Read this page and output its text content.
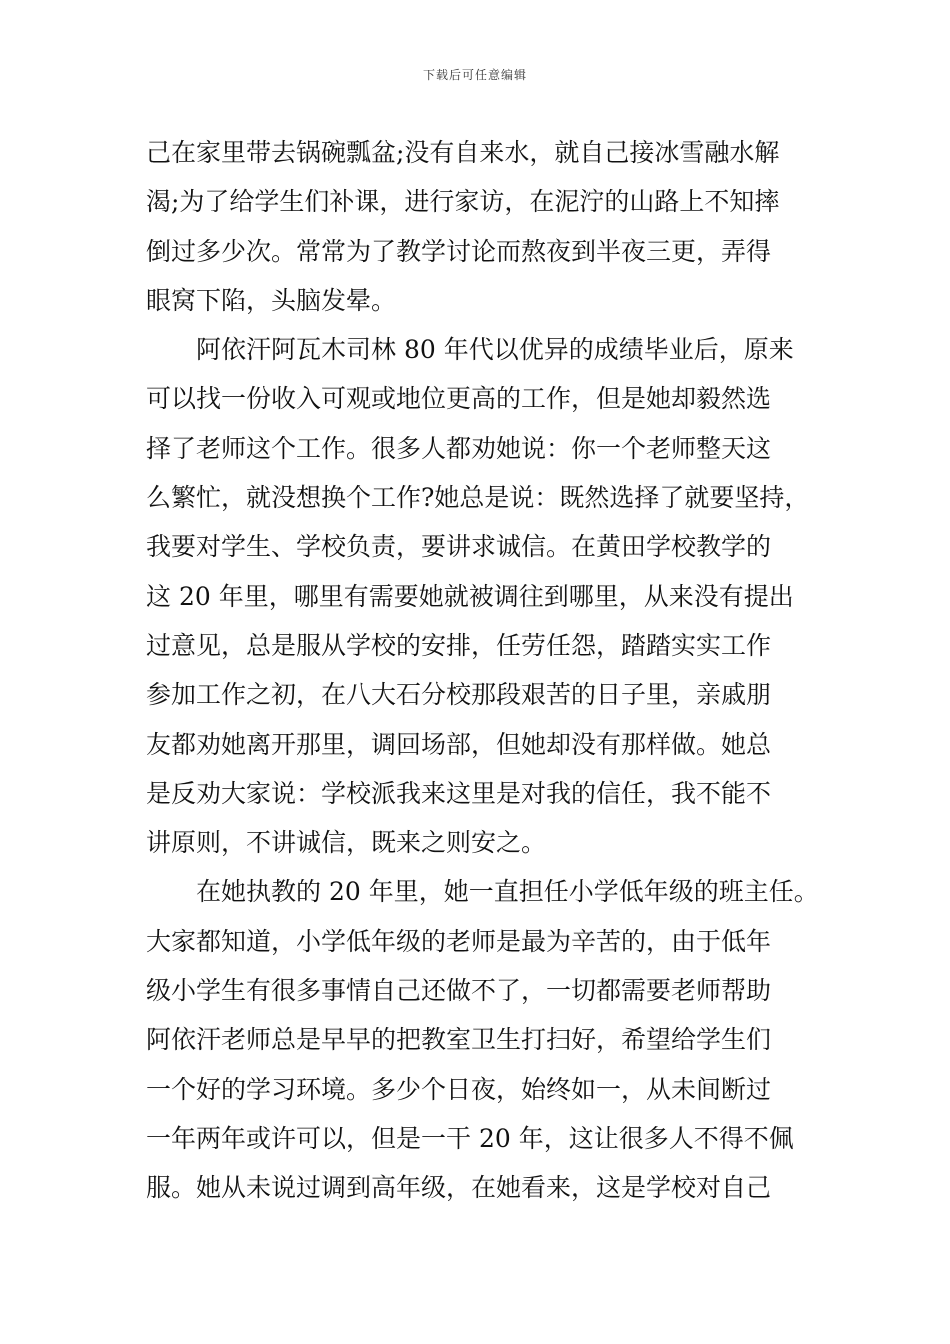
下载后可任意编辑
己在家里带去锅碗瓢盆;没有自来水，就自己接冰雪融水解
渴;为了给学生们补课，进行家访，在泥泞的山路上不知摔
倒过多少次。常常为了教学讨论而熬夜到半夜三更，弄得
眼窝下陷，头脑发晕。
阿依汗阿瓦木司林 80 年代以优异的成绩毕业后，原来
可以找一份收入可观或地位更高的工作，但是她却毅然选
择了老师这个工作。很多人都劝她说：你一个老师整天这
么繁忙，就没想换个工作?她总是说：既然选择了就要坚持，
我要对学生、学校负责，要讲求诚信。在黄田学校教学的
这 20 年里，哪里有需要她就被调往到哪里，从来没有提出
过意见，总是服从学校的安排，任劳任怨，踏踏实实工作
参加工作之初，在八大石分校那段艰苦的日子里，亲戚朋
友都劝她离开那里，调回场部，但她却没有那样做。她总
是反劝大家说：学校派我来这里是对我的信任，我不能不
讲原则，不讲诚信，既来之则安之。
在她执教的 20 年里，她一直担任小学低年级的班主任。
大家都知道，小学低年级的老师是最为辛苦的，由于低年
级小学生有很多事情自己还做不了，一切都需要老师帮助
阿依汗老师总是早早的把教室卫生打扫好，希望给学生们
一个好的学习环境。多少个日夜，始终如一，从未间断过
一年两年或许可以，但是一干 20 年，这让很多人不得不佩
服。她从未说过调到高年级，在她看来，这是学校对自己
